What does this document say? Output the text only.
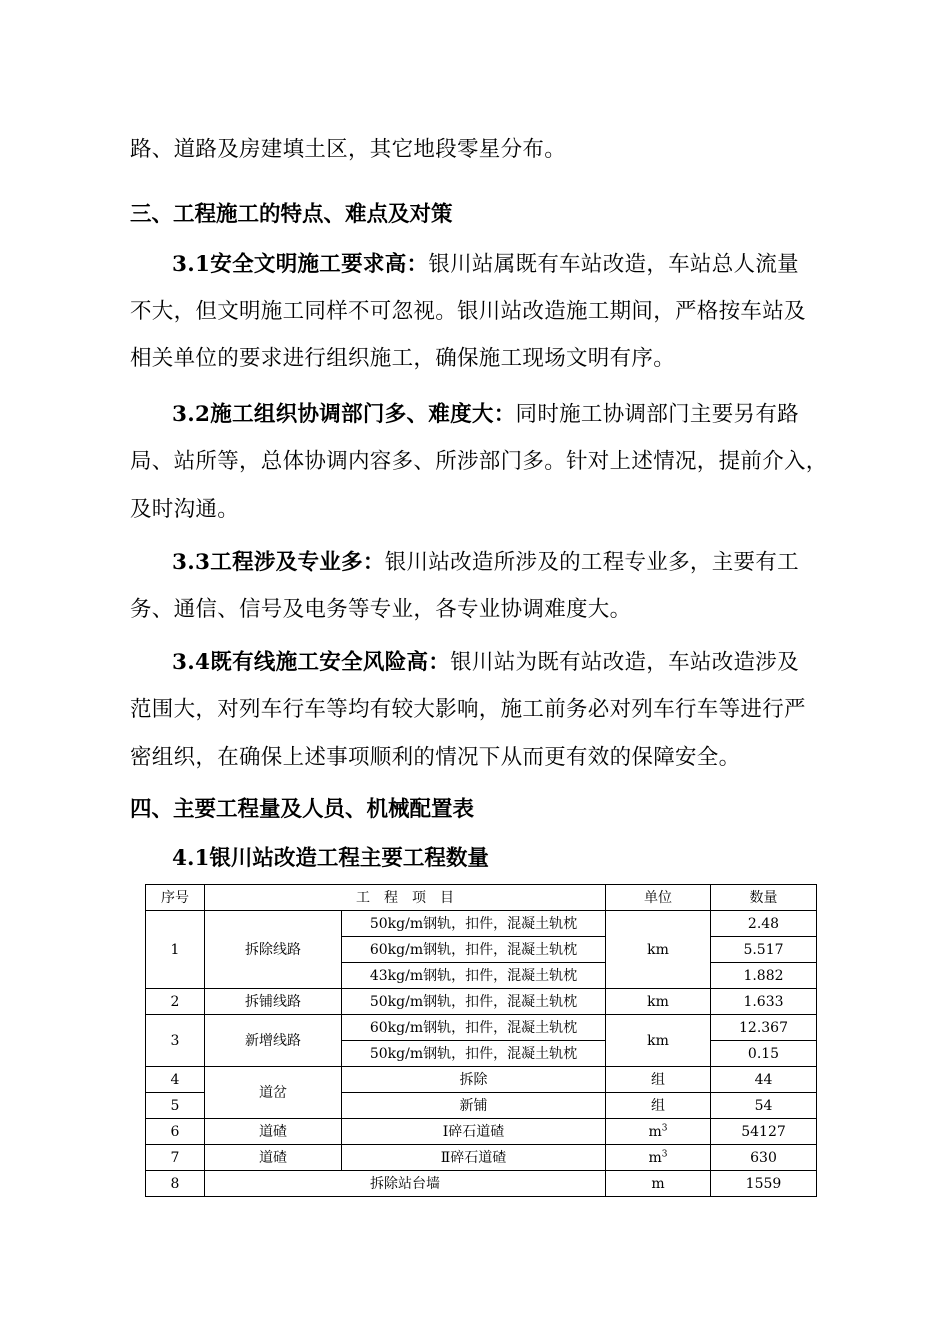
路、道路及房建填土区，其它地段零星分布。
三、工程施工的特点、难点及对策
3.1安全文明施工要求高：银川站属既有车站改造，车站总人流量
不大，但文明施工同样不可忽视。银川站改造施工期间，严格按车站及
相关单位的要求进行组织施工，确保施工现场文明有序。
3.2施工组织协调部门多、难度大：同时施工协调部门主要另有路
局、站所等，总体协调内容多、所涉部门多。针对上述情况，提前介入，
及时沟通。
3.3工程涉及专业多：银川站改造所涉及的工程专业多，主要有工
务、通信、信号及电务等专业，各专业协调难度大。
3.4既有线施工安全风险高：银川站为既有站改造，车站改造涉及
范围大，对列车行车等均有较大影响，施工前务必对列车行车等进行严
密组织，在确保上述事项顺利的情况下从而更有效的保障安全。
四、主要工程量及人员、机械配置表
4.1银川站改造工程主要工程数量
序号	工　程　项　目		单位	数量
1	拆除线路	50kg/m钢轨，扣件，混凝土轨枕	km	2.48
		60kg/m钢轨，扣件，混凝土轨枕		5.517
		43kg/m钢轨，扣件，混凝土轨枕		1.882
2	拆铺线路	50kg/m钢轨，扣件，混凝土轨枕	km	1.633
3	新增线路	60kg/m钢轨，扣件，混凝土轨枕	km	12.367
		50kg/m钢轨，扣件，混凝土轨枕		0.15
4	道岔	拆除	组	44
5		新铺	组	54
6	道碴	Ⅰ碎石道碴	$m^3$	54127
7	道碴	Ⅱ碎石道碴	$m^3$	630
8	拆除站台墙		m	1559
